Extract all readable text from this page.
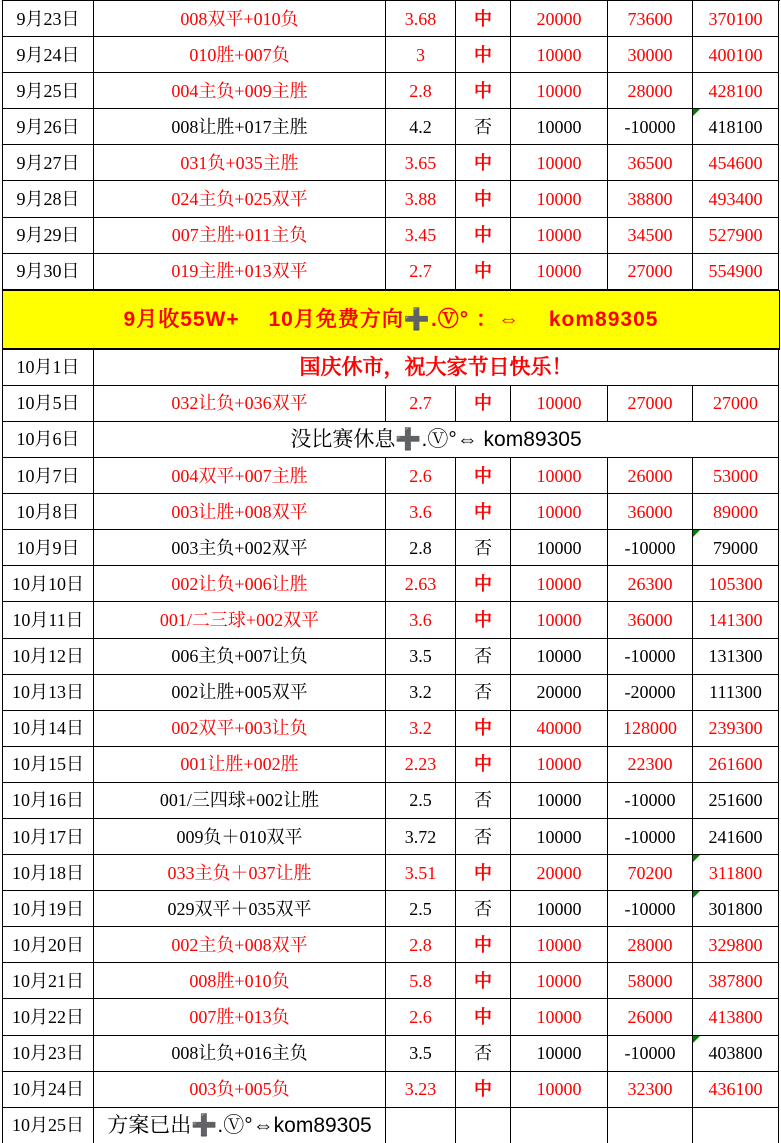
9月23日	008双平+010负	3.68	中	20000	73600	370100
9月24日	010胜+007负	3	中	10000	30000	400100
9月25日	004主负+009主胜	2.8	中	10000	28000	428100
9月26日	008让胜+017主胜	4.2	否	10000	-10000	418100
9月27日	031负+035主胜	3.65	中	10000	36500	454600
9月28日	024主负+025双平	3.88	中	10000	38800	493400
9月29日	007主胜+011主负	3.45	中	10000	34500	527900
9月30日	019主胜+013双平	2.7	中	10000	27000	554900
9月收55W+　 10月免费方向➕.Ⓥ° ：⇔ 　kom89305
10月1日	国庆休市，祝大家节日快乐！
10月5日	032让负+036双平	2.7	中	10000	27000	27000
10月6日	没比赛休息➕.Ⓥ°⇔ kom89305
10月7日	004双平+007主胜	2.6	中	10000	26000	53000
10月8日	003让胜+008双平	3.6	中	10000	36000	89000
10月9日	003主负+002双平	2.8	否	10000	-10000	79000
10月10日	002让负+006让胜	2.63	中	10000	26300	105300
10月11日	001/二三球+002双平	3.6	中	10000	36000	141300
10月12日	006主负+007让负	3.5	否	10000	-10000	131300
10月13日	002让胜+005双平	3.2	否	20000	-20000	111300
10月14日	002双平+003让负	3.2	中	40000	128000	239300
10月15日	001让胜+002胜	2.23	中	10000	22300	261600
10月16日	001/三四球+002让胜	2.5	否	10000	-10000	251600
10月17日	009负＋010双平	3.72	否	10000	-10000	241600
10月18日	033主负＋037让胜	3.51	中	20000	70200	311800
10月19日	029双平＋035双平	2.5	否	10000	-10000	301800
10月20日	002主负+008双平	2.8	中	10000	28000	329800
10月21日	008胜+010负	5.8	中	10000	58000	387800
10月22日	007胜+013负	2.6	中	10000	26000	413800
10月23日	008让负+016主负	3.5	否	10000	-10000	403800
10月24日	003负+005负	3.23	中	10000	32300	436100
10月25日	方案已出➕.Ⓥ°⇔kom89305
